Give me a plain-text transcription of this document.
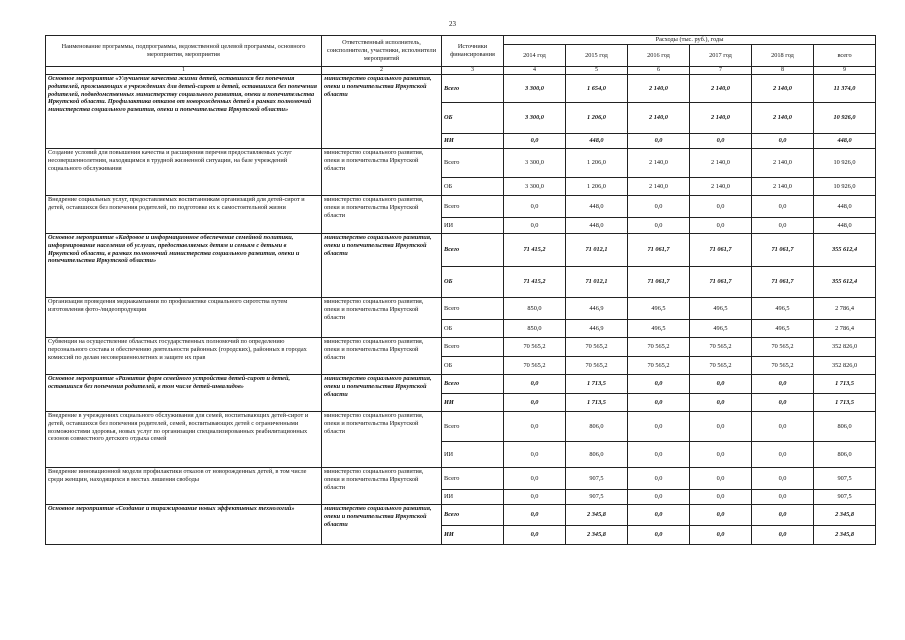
23
Наименование программы, подпрограммы, ведомственной целевой программы, основного мероприятия, мероприятия	Ответственный исполнитель, соисполнители, участники, исполнители мероприятий	Источники финансирования	Расходы (тыс. руб.), годы					
			2014 год	2015 год	2016 год	2017 год	2018 год	всего
1	2	3	4	5	6	7	8	9
Основное мероприятие «Улучшение качества жизни детей, оставшихся без попечения родителей, проживающих в учреждениях для детей-сирот и детей, оставшихся без попечения родителей, подведомственных министерству социального развития, опеки и попечительства Иркутской области. Профилактика отказов от новорожденных детей в рамках полномочий министерства социального развития, опеки и попечительства Иркутской области»	министерство социального развития, опеки и попечительства Иркутской области	Всего	3 300,0	1 654,0	2 140,0	2 140,0	2 140,0	11 374,0
		ОБ	3 300,0	1 206,0	2 140,0	2 140,0	2 140,0	10 926,0
		ИИ	0,0	448,0	0,0	0,0	0,0	448,0
Создание условий для повышения качества и расширения перечня предоставляемых услуг несовершеннолетним, находящимся в трудной жизненной ситуации, на базе учреждений социального обслуживания	министерство социального развития, опеки и попечительства Иркутской области	Всего	3 300,0	1 206,0	2 140,0	2 140,0	2 140,0	10 926,0
		ОБ	3 300,0	1 206,0	2 140,0	2 140,0	2 140,0	10 926,0
Внедрение социальных услуг, предоставляемых воспитанникам организаций для детей-сирот и детей, оставшихся без попечения родителей, по подготовке их к самостоятельной жизни	министерство социального развития, опеки и попечительства Иркутской области	Всего	0,0	448,0	0,0	0,0	0,0	448,0
		ИИ	0,0	448,0	0,0	0,0	0,0	448,0
Основное мероприятие «Кадровое и информационное обеспечение семейной политики, информирование населения об услугах, предоставляемых детям и семьям с детьми в Иркутской области, в рамках полномочий министерства социального развития, опеки и попечительства Иркутской области»	министерство социального развития, опеки и попечительства Иркутской области	Всего	71 415,2	71 012,1	71 061,7	71 061,7	71 061,7	355 612,4
		ОБ	71 415,2	71 012,1	71 061,7	71 061,7	71 061,7	355 612,4
Организация проведения медиакампании по профилактике социального сиротства путем изготовления фото-/видеопродукции	министерство социального развития, опеки и попечительства Иркутской области	Всего	850,0	446,9	496,5	496,5	496,5	2 786,4
		ОБ	850,0	446,9	496,5	496,5	496,5	2 786,4
Субвенция на осуществление областных государственных полномочий по определению персонального состава и обеспечению деятельности районных (городских), районных в городах комиссий по делам несовершеннолетних и защите их прав	министерство социального развития, опеки и попечительства Иркутской области	Всего	70 565,2	70 565,2	70 565,2	70 565,2	70 565,2	352 826,0
		ОБ	70 565,2	70 565,2	70 565,2	70 565,2	70 565,2	352 826,0
Основное мероприятие «Развитие форм семейного устройства детей-сирот и детей, оставшихся без попечения родителей, в том числе детей-инвалидов»	министерство социального развития, опеки и попечительства Иркутской области	Всего	0,0	1 713,5	0,0	0,0	0,0	1 713,5
		ИИ	0,0	1 713,5	0,0	0,0	0,0	1 713,5
Внедрение в учреждениях социального обслуживания для семей, воспитывающих детей-сирот и детей, оставшихся без попечения родителей, семей, воспитывающих детей с ограниченными возможностями здоровья, новых услуг по организации специализированных реабилитационных сезонов совместного детского отдыха семей	министерство социального развития, опеки и попечительства Иркутской области	Всего	0,0	806,0	0,0	0,0	0,0	806,0
		ИИ	0,0	806,0	0,0	0,0	0,0	806,0
Внедрение инновационной модели профилактики отказов от новорожденных детей, в том числе среди женщин, находящихся в местах лишения свободы	министерство социального развития, опеки и попечительства Иркутской области	Всего	0,0	907,5	0,0	0,0	0,0	907,5
		ИИ	0,0	907,5	0,0	0,0	0,0	907,5
Основное мероприятие «Создание и тиражирование новых эффективных технологий»	министерство социального развития, опеки и попечительства Иркутской области	Всего	0,0	2 345,8	0,0	0,0	0,0	2 345,8
		ИИ	0,0	2 345,8	0,0	0,0	0,0	2 345,8
